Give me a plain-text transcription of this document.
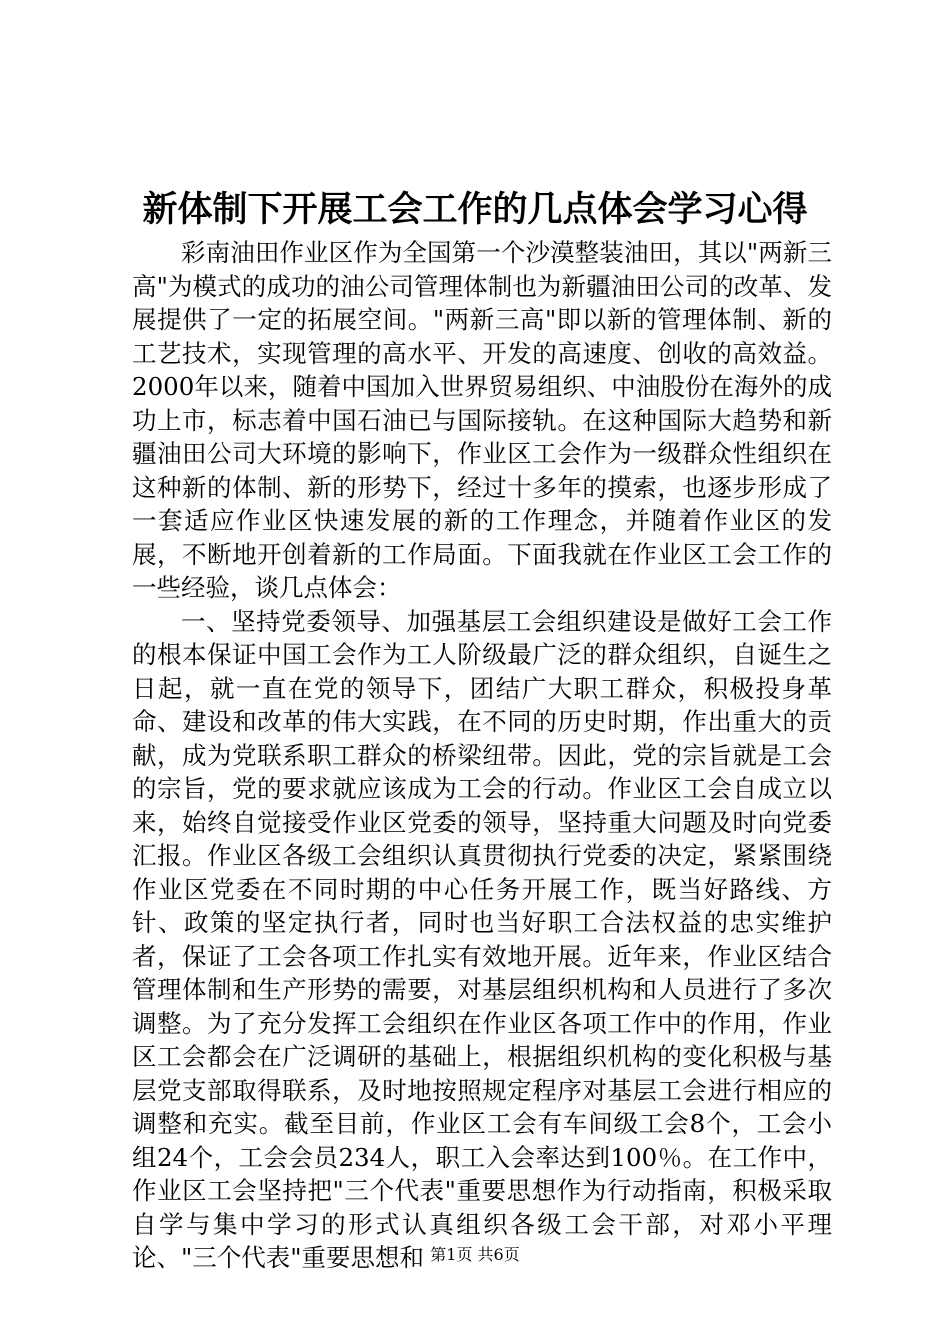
新体制下开展工会工作的几点体会学习心得

彩南油田作业区作为全国第一个沙漠整装油田，其以"两新三高"为模式的成功的油公司管理体制也为新疆油田公司的改革、发展提供了一定的拓展空间。"两新三高"即以新的管理体制、新的工艺技术，实现管理的高水平、开发的高速度、创收的高效益。2000年以来，随着中国加入世界贸易组织、中油股份在海外的成功上市，标志着中国石油已与国际接轨。在这种国际大趋势和新疆油田公司大环境的影响下，作业区工会作为一级群众性组织在这种新的体制、新的形势下，经过十多年的摸索，也逐步形成了一套适应作业区快速发展的新的工作理念，并随着作业区的发展，不断地开创着新的工作局面。下面我就在作业区工会工作的一些经验，谈几点体会：

一、坚持党委领导、加强基层工会组织建设是做好工会工作的根本保证中国工会作为工人阶级最广泛的群众组织，自诞生之日起，就一直在党的领导下，团结广大职工群众，积极投身革命、建设和改革的伟大实践，在不同的历史时期，作出重大的贡献，成为党联系职工群众的桥梁纽带。因此，党的宗旨就是工会的宗旨，党的要求就应该成为工会的行动。作业区工会自成立以来，始终自觉接受作业区党委的领导，坚持重大问题及时向党委汇报。作业区各级工会组织认真贯彻执行党委的决定，紧紧围绕作业区党委在不同时期的中心任务开展工作，既当好路线、方针、政策的坚定执行者，同时也当好职工合法权益的忠实维护者，保证了工会各项工作扎实有效地开展。近年来，作业区结合管理体制和生产形势的需要，对基层组织机构和人员进行了多次调整。为了充分发挥工会组织在作业区各项工作中的作用，作业区工会都会在广泛调研的基础上，根据组织机构的变化积极与基层党支部取得联系，及时地按照规定程序对基层工会进行相应的调整和充实。截至目前，作业区工会有车间级工会8个，工会小组24个，工会会员234人，职工入会率达到100％。在工作中，作业区工会坚持把"三个代表"重要思想作为行动指南，积极采取自学与集中学习的形式认真组织各级工会干部，对邓小平理论、"三个代表"重要思想和 第1页 共6页
